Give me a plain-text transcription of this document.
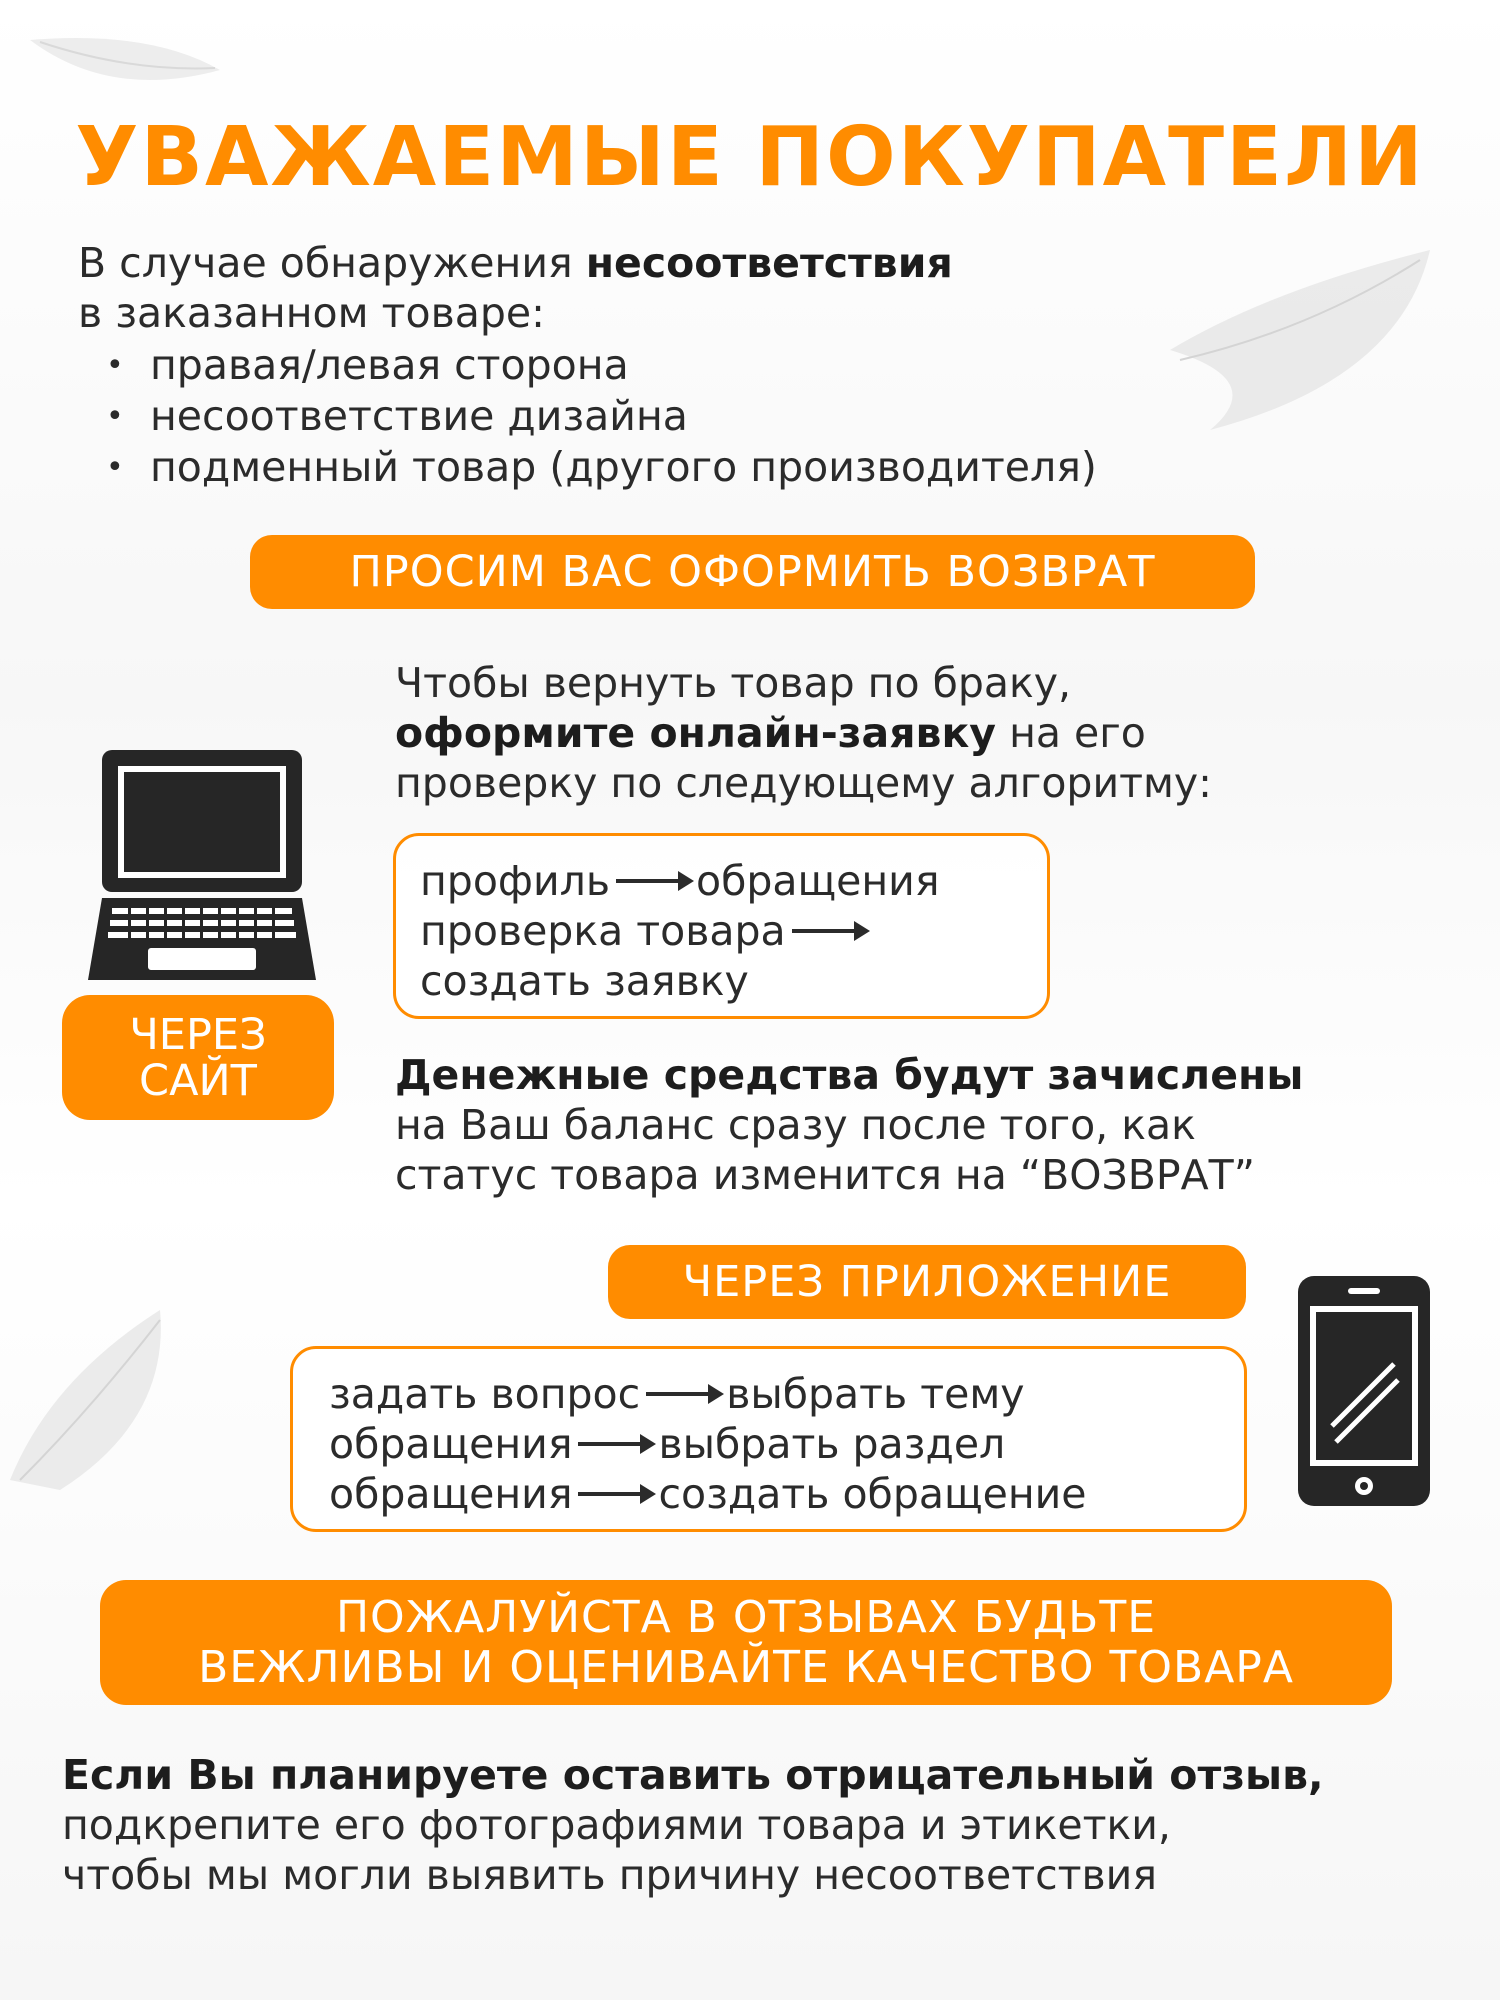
УВАЖАЕМЫЕ ПОКУПАТЕЛИ
В случае обнаружения несоответствия
в заказанном товаре:
• правая/левая сторона
• несоответствие дизайна
• подменный товар (другого производителя)
ПРОСИМ ВАС ОФОРМИТЬ ВОЗВРАТ
ЧЕРЕЗ
САЙТ
Чтобы вернуть товар по браку,
оформите онлайн-заявку на его
проверку по следующему алгоритму:
профиль обращения
проверка товара
создать заявку
Денежные средства будут зачислены
на Ваш баланс сразу после того, как
статус товара изменится на “ВОЗВРАТ”
ЧЕРЕЗ ПРИЛОЖЕНИЕ
задать вопрос выбрать тему
обращения выбрать раздел
обращения создать обращение
ПОЖАЛУЙСТА В ОТЗЫВАХ БУДЬТЕ
ВЕЖЛИВЫ И ОЦЕНИВАЙТЕ КАЧЕСТВО ТОВАРА
Если Вы планируете оставить отрицательный отзыв,
подкрепите его фотографиями товара и этикетки,
чтобы мы могли выявить причину несоответствия
